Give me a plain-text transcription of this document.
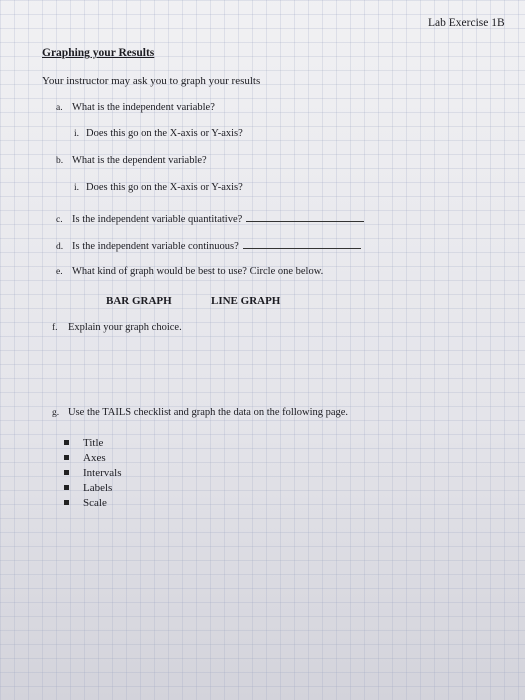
Lab Exercise 1B
Graphing your Results
Your instructor may ask you to graph your results
a. What is the independent variable?
i. Does this go on the X-axis or Y-axis?
b. What is the dependent variable?
i. Does this go on the X-axis or Y-axis?
c. Is the independent variable quantitative?
d. Is the independent variable continuous?
e. What kind of graph would be best to use? Circle one below.
BAR GRAPH	LINE GRAPH
f. Explain your graph choice.
g. Use the TAILS checklist and graph the data on the following page.
Title
Axes
Intervals
Labels
Scale
